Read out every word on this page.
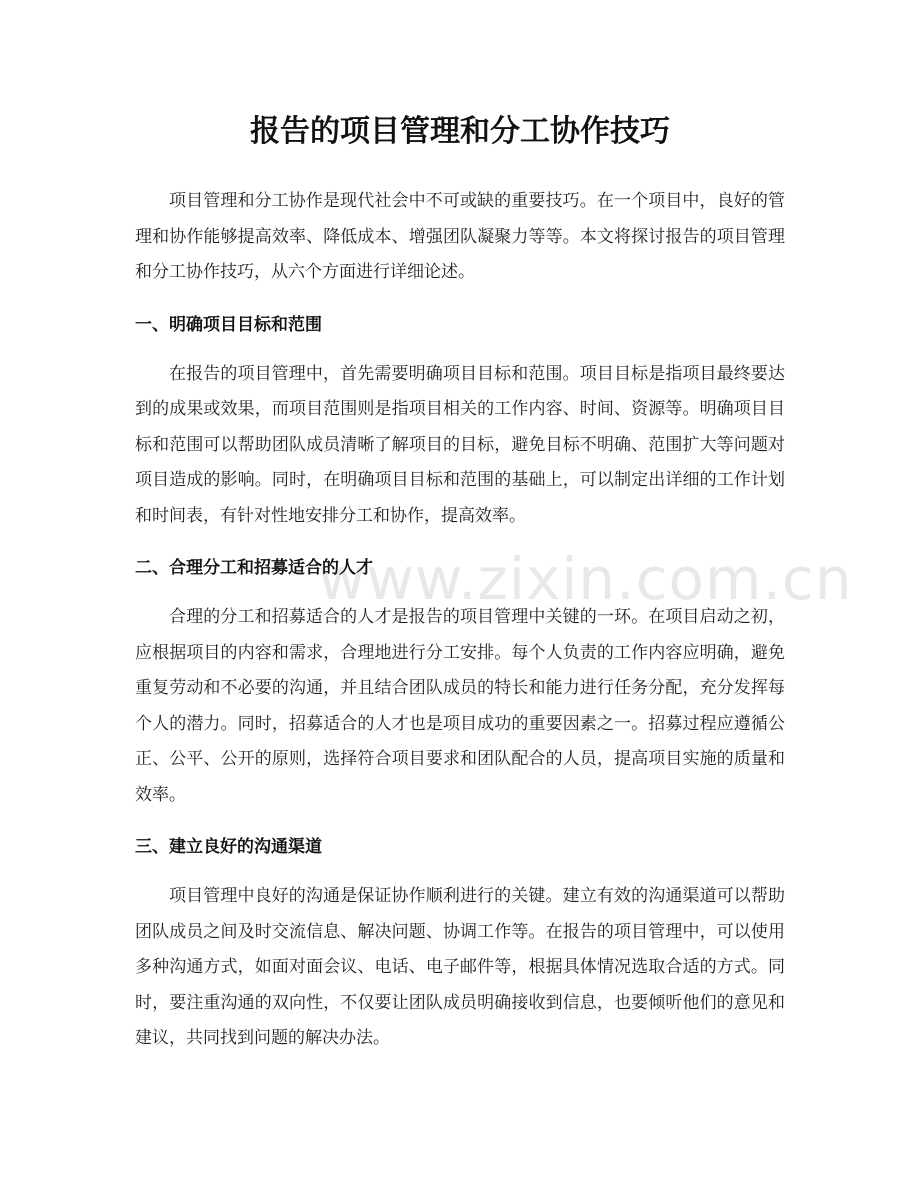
报告的项目管理和分工协作技巧

项目管理和分工协作是现代社会中不可或缺的重要技巧。在一个项目中，良好的管理和协作能够提高效率、降低成本、增强团队凝聚力等等。本文将探讨报告的项目管理和分工协作技巧，从六个方面进行详细论述。

一、明确项目目标和范围

在报告的项目管理中，首先需要明确项目目标和范围。项目目标是指项目最终要达到的成果或效果，而项目范围则是指项目相关的工作内容、时间、资源等。明确项目目标和范围可以帮助团队成员清晰了解项目的目标，避免目标不明确、范围扩大等问题对项目造成的影响。同时，在明确项目目标和范围的基础上，可以制定出详细的工作计划和时间表，有针对性地安排分工和协作，提高效率。

二、合理分工和招募适合的人才

合理的分工和招募适合的人才是报告的项目管理中关键的一环。在项目启动之初，应根据项目的内容和需求，合理地进行分工安排。每个人负责的工作内容应明确，避免重复劳动和不必要的沟通，并且结合团队成员的特长和能力进行任务分配，充分发挥每个人的潜力。同时，招募适合的人才也是项目成功的重要因素之一。招募过程应遵循公正、公平、公开的原则，选择符合项目要求和团队配合的人员，提高项目实施的质量和效率。

三、建立良好的沟通渠道

项目管理中良好的沟通是保证协作顺利进行的关键。建立有效的沟通渠道可以帮助团队成员之间及时交流信息、解决问题、协调工作等。在报告的项目管理中，可以使用多种沟通方式，如面对面会议、电话、电子邮件等，根据具体情况选取合适的方式。同时，要注重沟通的双向性，不仅要让团队成员明确接收到信息，也要倾听他们的意见和建议，共同找到问题的解决办法。

www.zixin.com.cn
